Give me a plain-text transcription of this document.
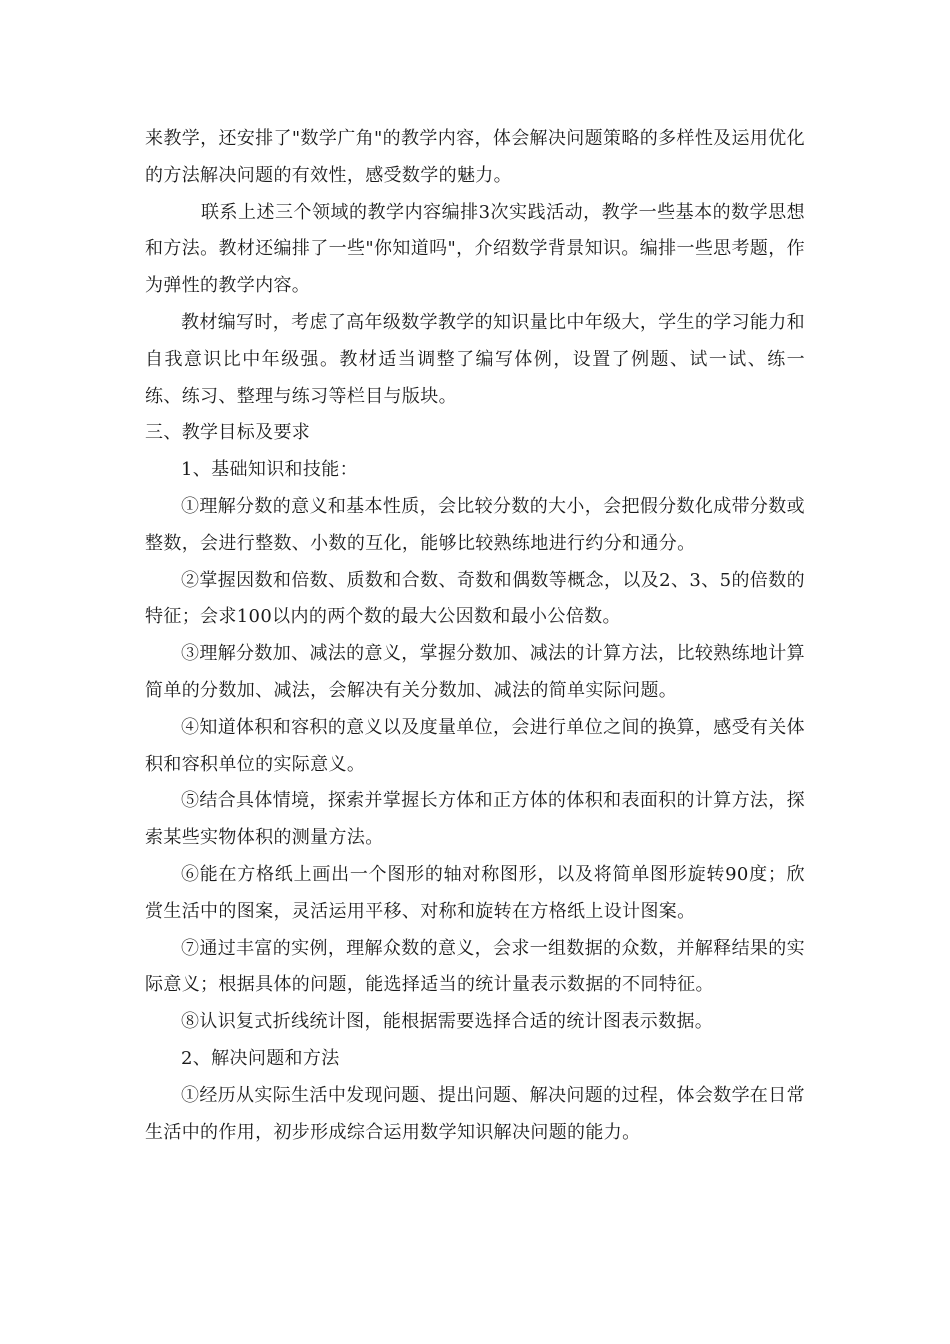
来教学，还安排了"数学广角"的教学内容，体会解决问题策略的多样性及运用优化的方法解决问题的有效性，感受数学的魅力。

联系上述三个领域的教学内容编排3次实践活动，教学一些基本的数学思想和方法。教材还编排了一些"你知道吗"，介绍数学背景知识。编排一些思考题，作为弹性的教学内容。

教材编写时，考虑了高年级数学教学的知识量比中年级大，学生的学习能力和自我意识比中年级强。教材适当调整了编写体例，设置了例题、试一试、练一练、练习、整理与练习等栏目与版块。

三、教学目标及要求

1、基础知识和技能：

①理解分数的意义和基本性质，会比较分数的大小，会把假分数化成带分数或整数，会进行整数、小数的互化，能够比较熟练地进行约分和通分。

②掌握因数和倍数、质数和合数、奇数和偶数等概念，以及2、3、5的倍数的特征；会求100以内的两个数的最大公因数和最小公倍数。

③理解分数加、减法的意义，掌握分数加、减法的计算方法，比较熟练地计算简单的分数加、减法，会解决有关分数加、减法的简单实际问题。

④知道体积和容积的意义以及度量单位，会进行单位之间的换算，感受有关体积和容积单位的实际意义。

⑤结合具体情境，探索并掌握长方体和正方体的体积和表面积的计算方法，探索某些实物体积的测量方法。

⑥能在方格纸上画出一个图形的轴对称图形，以及将简单图形旋转90度；欣赏生活中的图案，灵活运用平移、对称和旋转在方格纸上设计图案。

⑦通过丰富的实例，理解众数的意义，会求一组数据的众数，并解释结果的实际意义；根据具体的问题，能选择适当的统计量表示数据的不同特征。

⑧认识复式折线统计图，能根据需要选择合适的统计图表示数据。

2、解决问题和方法

①经历从实际生活中发现问题、提出问题、解决问题的过程，体会数学在日常生活中的作用，初步形成综合运用数学知识解决问题的能力。
